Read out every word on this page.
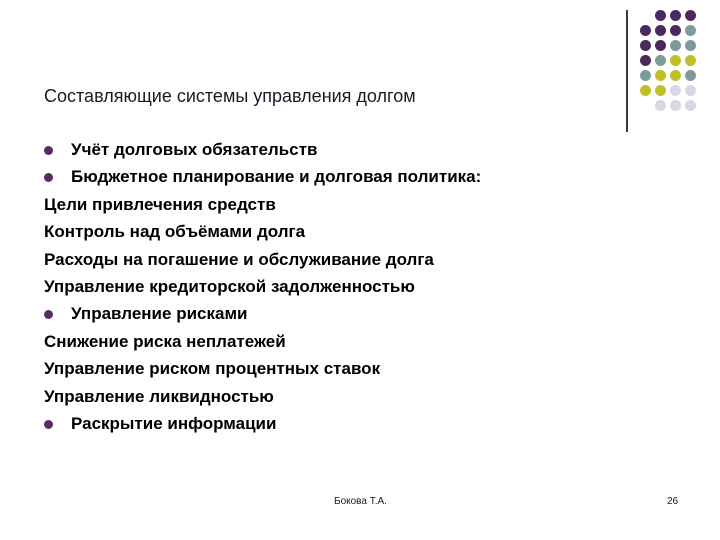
Составляющие системы управления долгом
Учёт долговых обязательств
Бюджетное планирование и долговая политика:
Цели привлечения средств
Контроль над объёмами долга
Расходы на погашение и обслуживание долга
Управление кредиторской задолженностью
Управление рисками
Снижение риска неплатежей
Управление риском процентных ставок
Управление ликвидностью
Раскрытие информации
Бокова Т.А.	26
